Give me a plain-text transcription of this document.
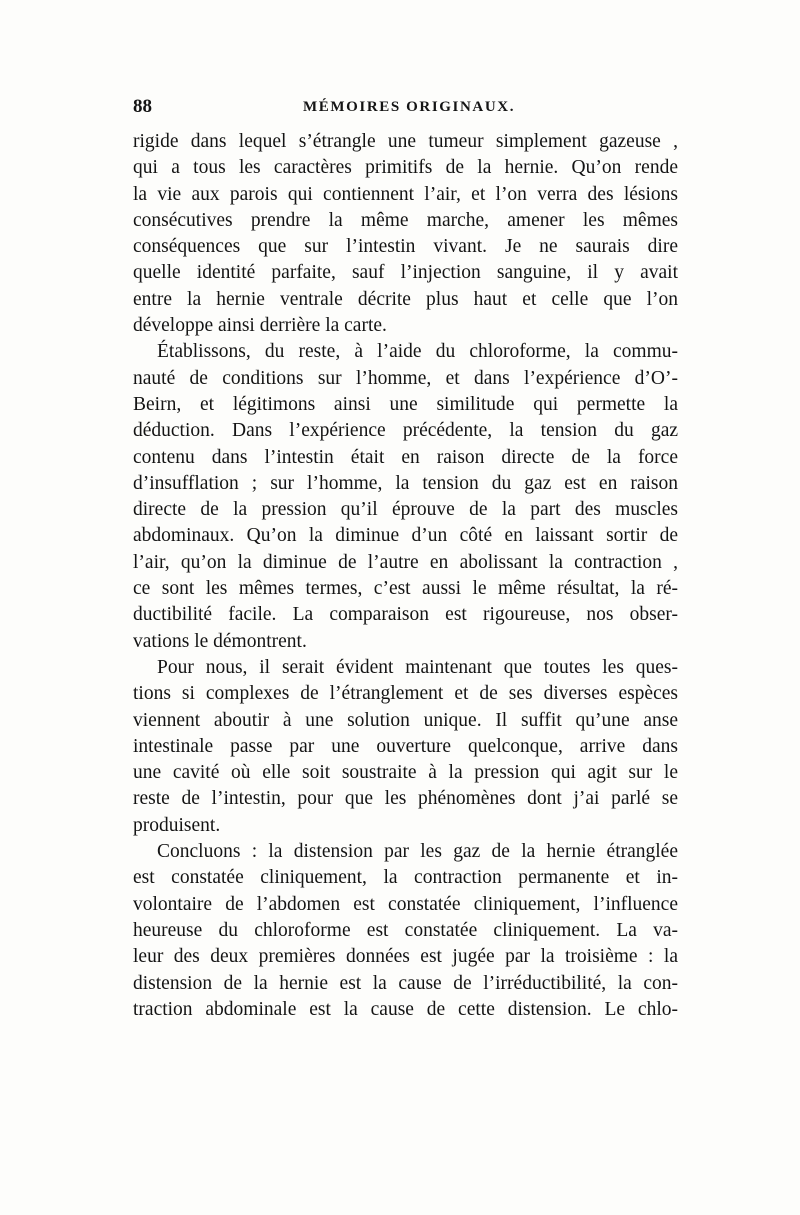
88	MÉMOIRES ORIGINAUX.
rigide dans lequel s’étrangle une tumeur simplement gazeuse ,
qui a tous les caractères primitifs de la hernie. Qu’on rende
la vie aux parois qui contiennent l’air, et l’on verra des lésions
consécutives prendre la même marche, amener les mêmes
conséquences que sur l’intestin vivant. Je ne saurais dire
quelle identité parfaite, sauf l’injection sanguine, il y avait
entre la hernie ventrale décrite plus haut et celle que l’on
développe ainsi derrière la carte.
Établissons, du reste, à l’aide du chloroforme, la commu-
nauté de conditions sur l’homme, et dans l’expérience d’O’-
Beirn, et légitimons ainsi une similitude qui permette la
déduction. Dans l’expérience précédente, la tension du gaz
contenu dans l’intestin était en raison directe de la force
d’insufflation ; sur l’homme, la tension du gaz est en raison
directe de la pression qu’il éprouve de la part des muscles
abdominaux. Qu’on la diminue d’un côté en laissant sortir de
l’air, qu’on la diminue de l’autre en abolissant la contraction ,
ce sont les mêmes termes, c’est aussi le même résultat, la ré-
ductibilité facile. La comparaison est rigoureuse, nos obser-
vations le démontrent.
Pour nous, il serait évident maintenant que toutes les ques-
tions si complexes de l’étranglement et de ses diverses espèces
viennent aboutir à une solution unique. Il suffit qu’une anse
intestinale passe par une ouverture quelconque, arrive dans
une cavité où elle soit soustraite à la pression qui agit sur le
reste de l’intestin, pour que les phénomènes dont j’ai parlé se
produisent.
Concluons : la distension par les gaz de la hernie étranglée
est constatée cliniquement, la contraction permanente et in-
volontaire de l’abdomen est constatée cliniquement, l’influence
heureuse du chloroforme est constatée cliniquement. La va-
leur des deux premières données est jugée par la troisième : la
distension de la hernie est la cause de l’irréductibilité, la con-
traction abdominale est la cause de cette distension. Le chlo-
